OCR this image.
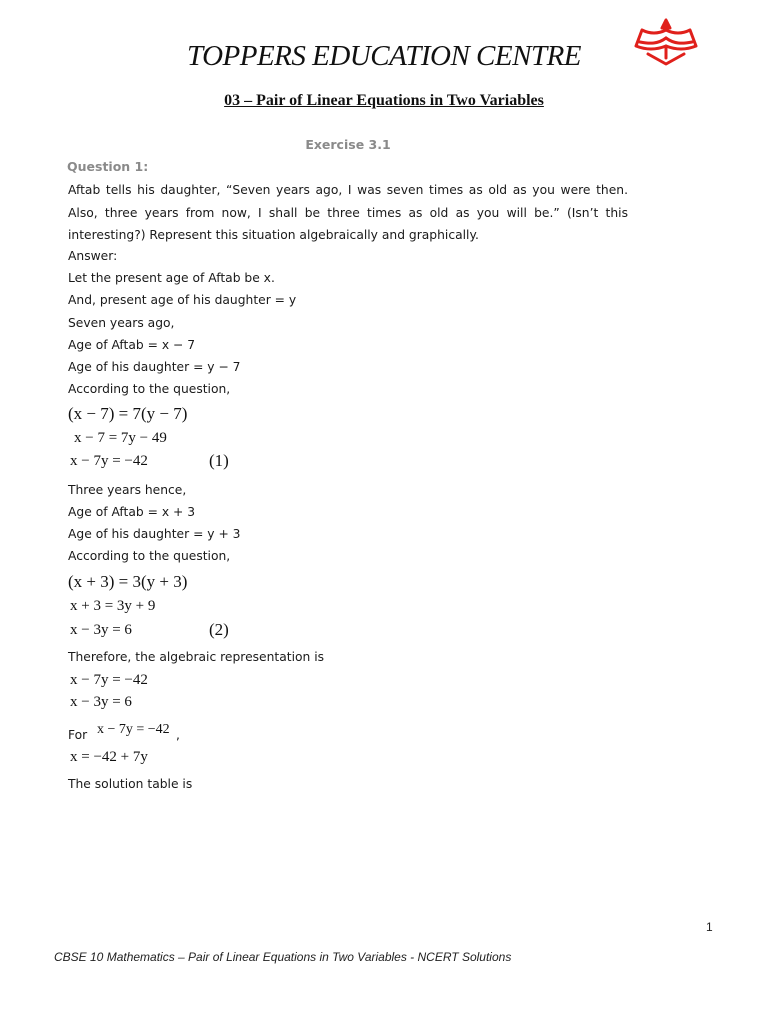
TOPPERS EDUCATION CENTRE
03 – Pair of Linear Equations in Two Variables
Exercise 3.1
Question 1:
Aftab tells his daughter, “Seven years ago, I was seven times as old as you were then. Also, three years from now, I shall be three times as old as you will be.” (Isn’t this interesting?) Represent this situation algebraically and graphically.
Answer:
Let the present age of Aftab be x.
And, present age of his daughter = y
Seven years ago,
Age of Aftab = x − 7
Age of his daughter = y − 7
According to the question,
(x − 7) = 7(y − 7)
x − 7 = 7y − 49
x − 7y = −42	(1)
Three years hence,
Age of Aftab = x + 3
Age of his daughter = y + 3
According to the question,
(x + 3) = 3(y + 3)
x + 3 = 3y + 9
x − 3y = 6	(2)
Therefore, the algebraic representation is
x − 7y = −42
x − 3y = 6
For x − 7y = −42 ,
x = −42 + 7y
The solution table is
1
CBSE 10 Mathematics – Pair of Linear Equations in Two Variables - NCERT Solutions
